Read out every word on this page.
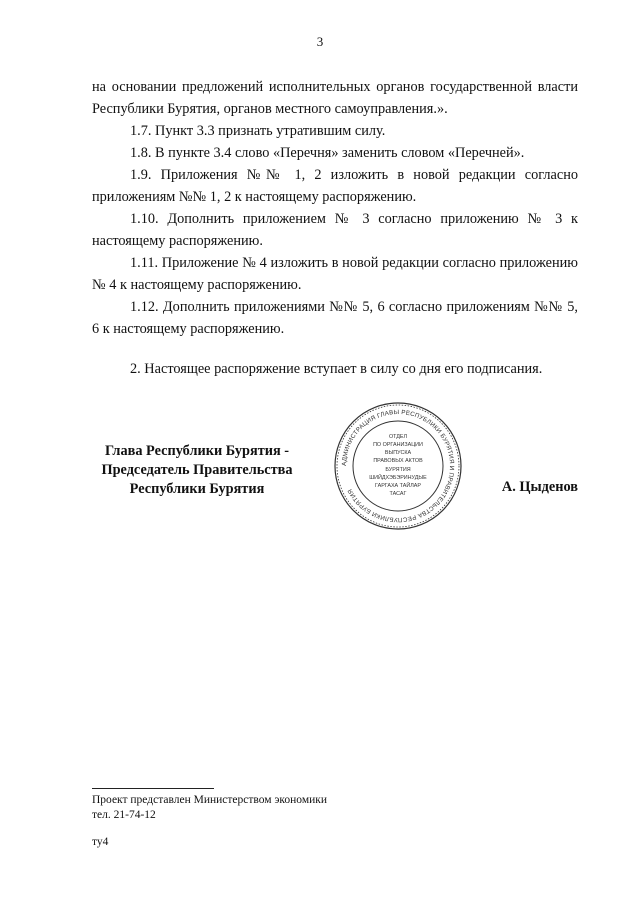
3

на основании предложений исполнительных органов государственной власти Республики Бурятия, органов местного самоуправления.».

1.7. Пункт 3.3 признать утратившим силу.

1.8. В пункте 3.4 слово «Перечня» заменить словом «Перечней».

1.9. Приложения №№ 1, 2 изложить в новой редакции согласно приложениям №№ 1, 2 к настоящему распоряжению.

1.10. Дополнить приложением № 3 согласно приложению № 3 к настоящему распоряжению.

1.11. Приложение № 4 изложить в новой редакции согласно приложению № 4 к настоящему распоряжению.

1.12. Дополнить приложениями №№ 5, 6 согласно приложениям №№ 5, 6 к настоящему распоряжению.

2. Настоящее распоряжение вступает в силу со дня его подписания.

Глава Республики Бурятия -
Председатель Правительства
Республики Бурятия
АДМИНИСТРАЦИЯ ГЛАВЫ РЕСПУБЛИКИ БУРЯТИЯ И ПРАВИТЕЛЬСТВА РЕСПУБЛИКИ БУРЯТИЯ
ОТДЕЛ
ПО ОРГАНИЗАЦИИ
ВЫПУСКА
ПРАВОВЫХ АКТОВ
БУРЯТИЯ
ШИЙДХЭБЭРИНУДЫЕ
ГАРГАХА ТАЙЛАР
ТАСАГ	А. Цыденов
Проект представлен Министерством экономики
тел. 21-74-12
ту4
